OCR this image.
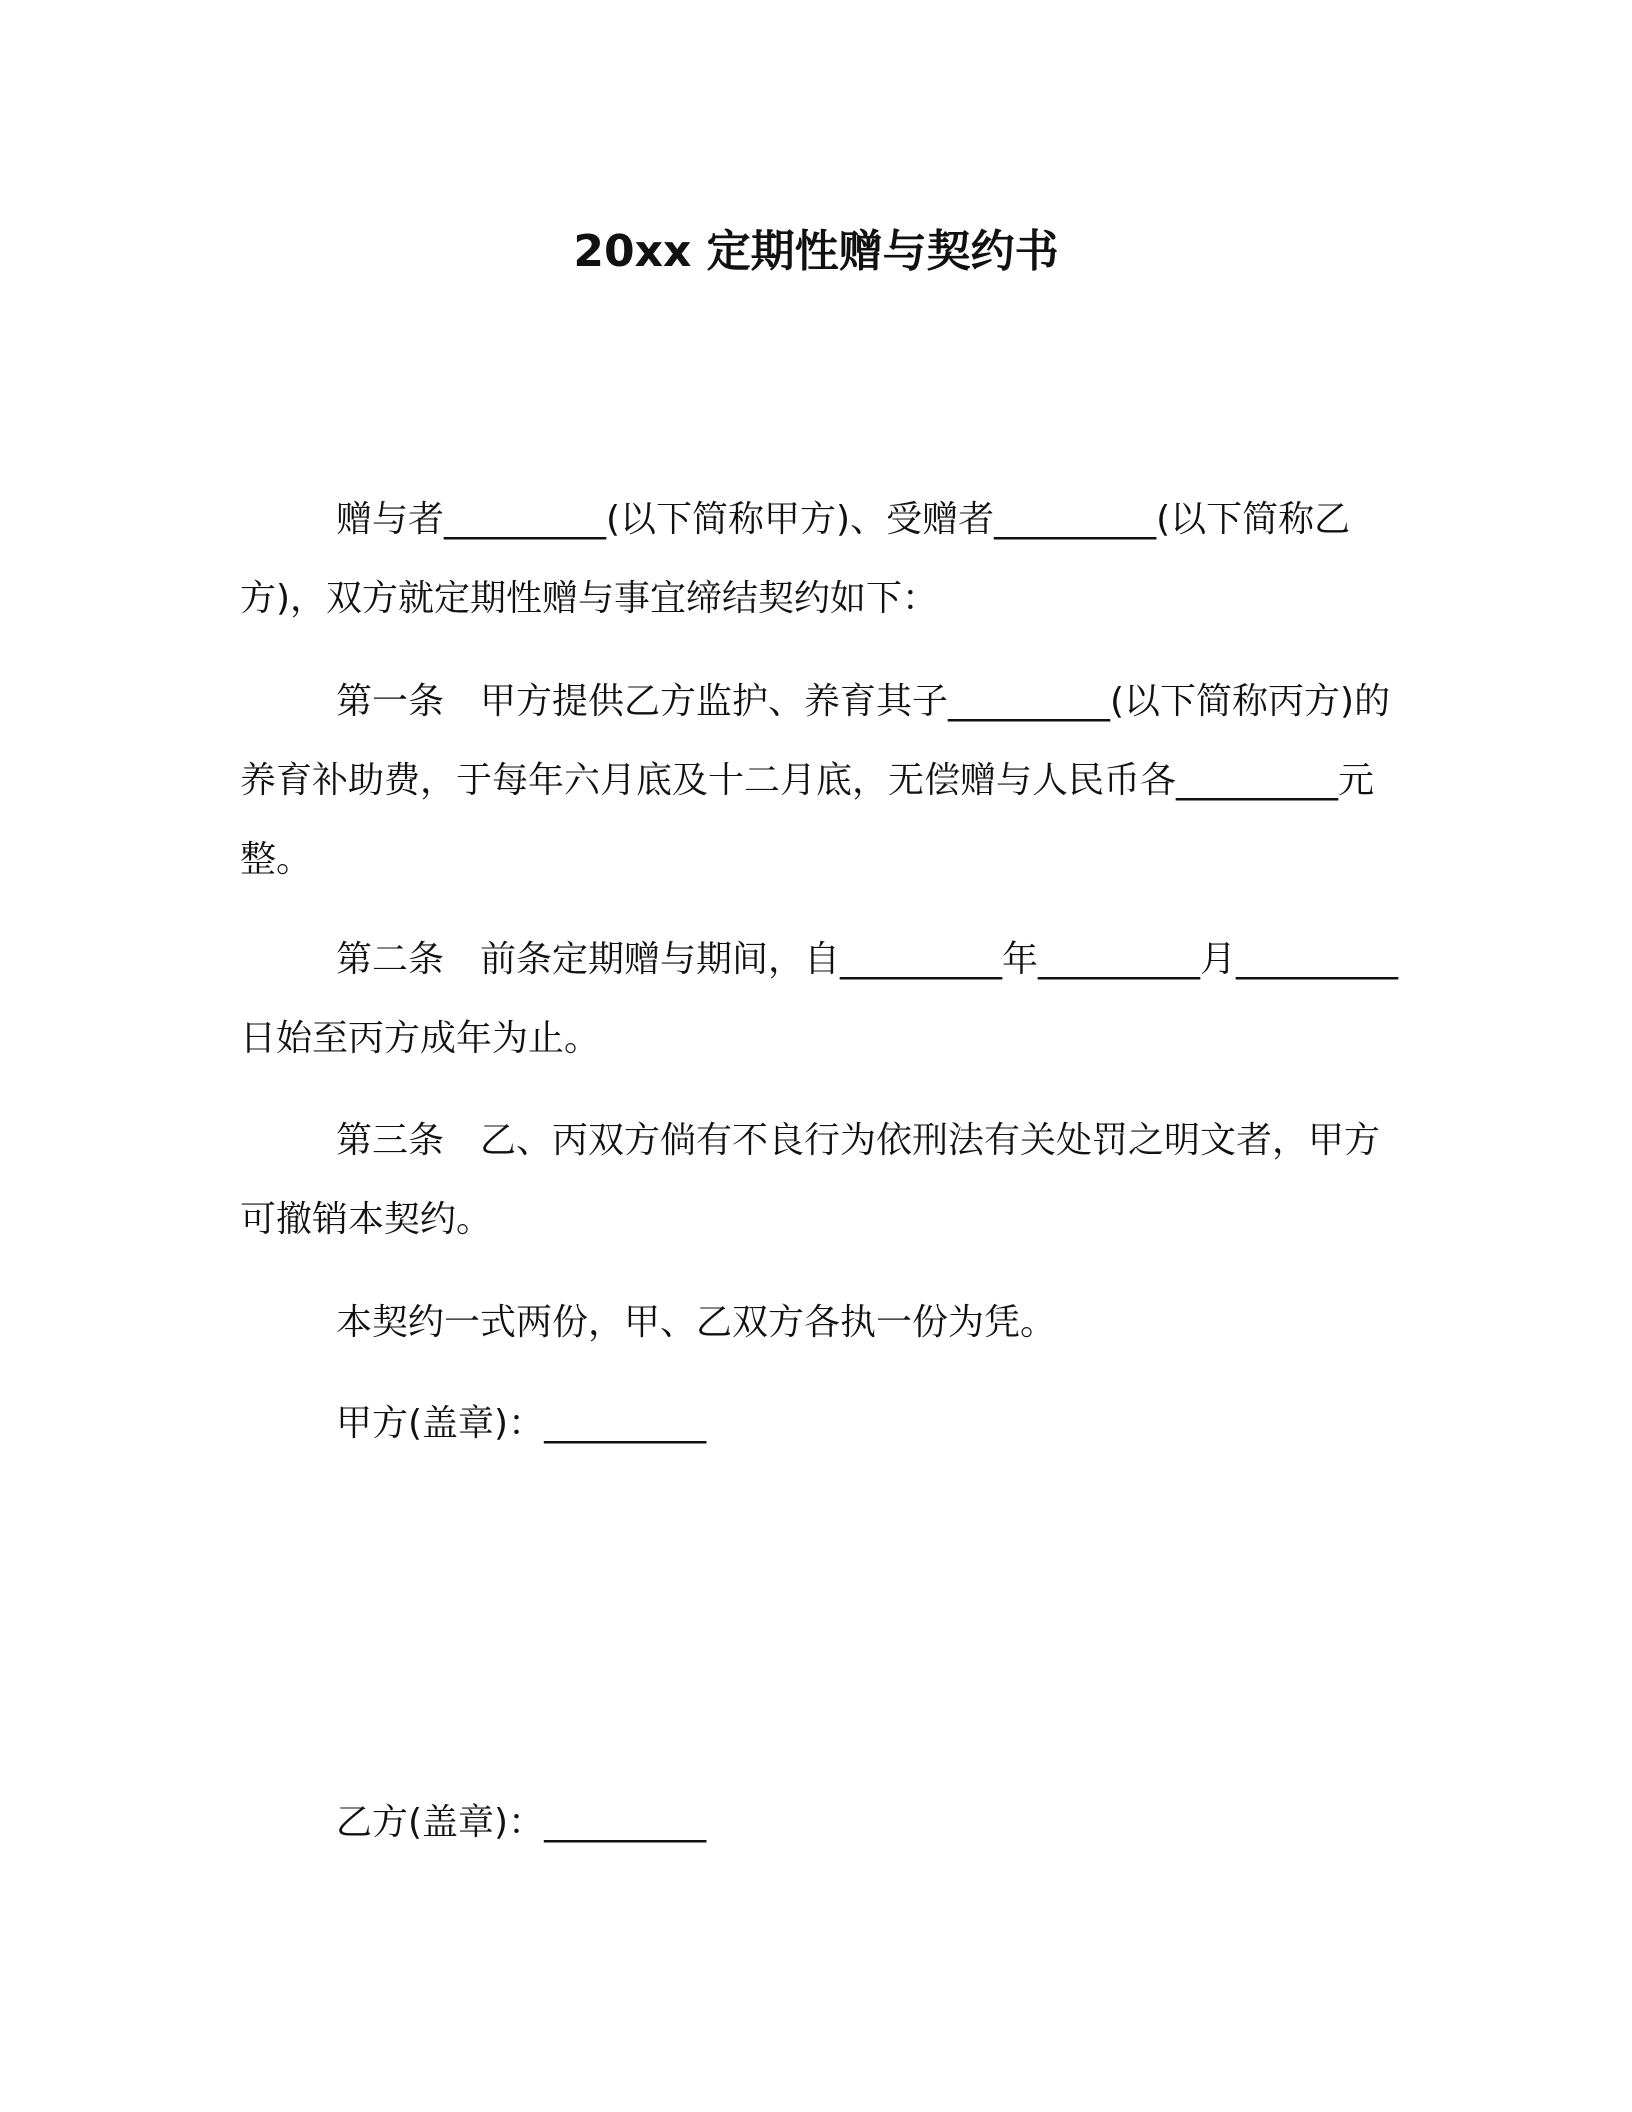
20xx 定期性赠与契约书
赠与者_________(以下简称甲方)、受赠者_________(以下简称乙方)，双方就定期性赠与事宜缔结契约如下：
第一条　甲方提供乙方监护、养育其子_________(以下简称丙方)的养育补助费，于每年六月底及十二月底，无偿赠与人民币各_________元整。
第二条　前条定期赠与期间，自_________年_________月_________日始至丙方成年为止。
第三条　乙、丙双方倘有不良行为依刑法有关处罚之明文者，甲方可撤销本契约。
本契约一式两份，甲、乙双方各执一份为凭。
甲方(盖章)：_________
乙方(盖章)：_________
